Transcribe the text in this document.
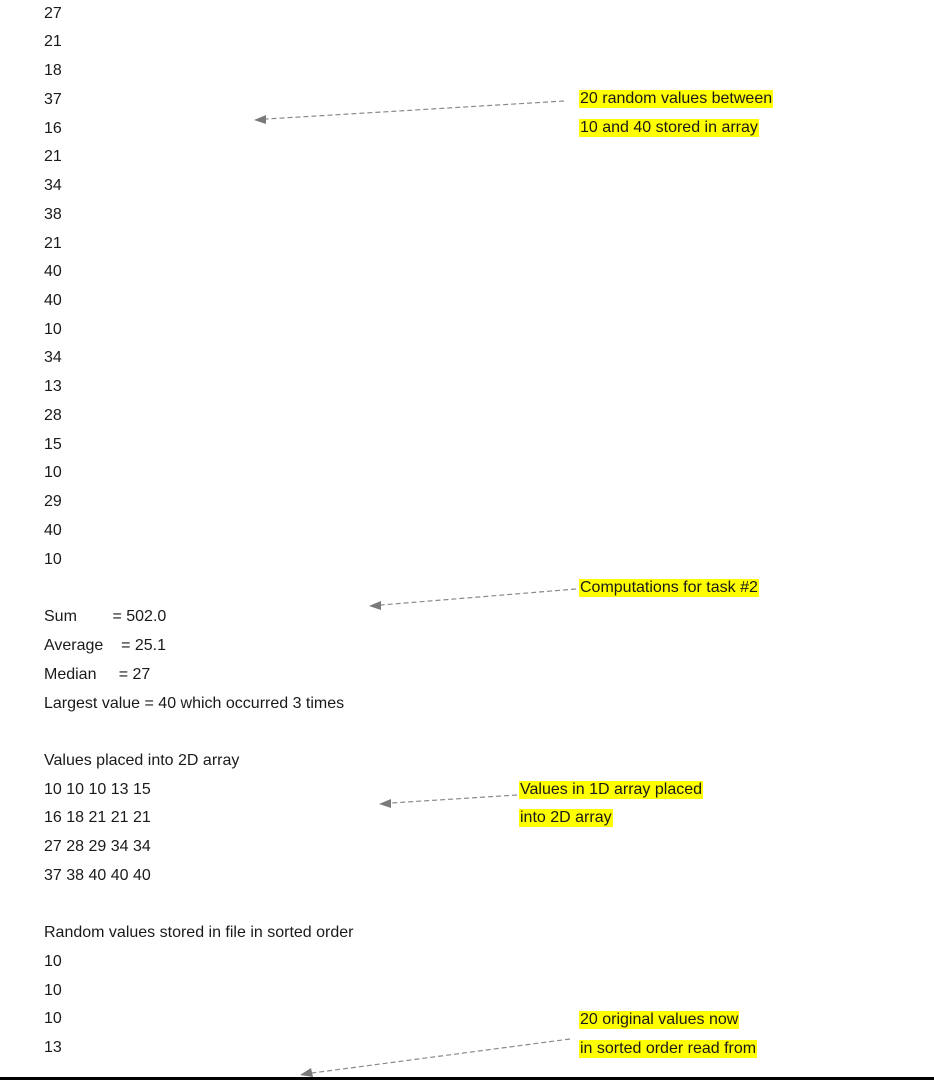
27

21

18

37

16

21

34

38

21

40

40

10

34

13

28

15

10

29

40

10

Sum        = 502.0

Average    = 25.1

Median     = 27

Largest value = 40 which occurred 3 times

Values placed into 2D array

10 10 10 13 15

16 18 21 21 21

27 28 29 34 34

37 38 40 40 40

Random values stored in file in sorted order

10

10

10

13

20 random values between

10 and 40 stored in array

Computations for task #2

Values in 1D array placed

into 2D array

20 original values now

in sorted order read from
